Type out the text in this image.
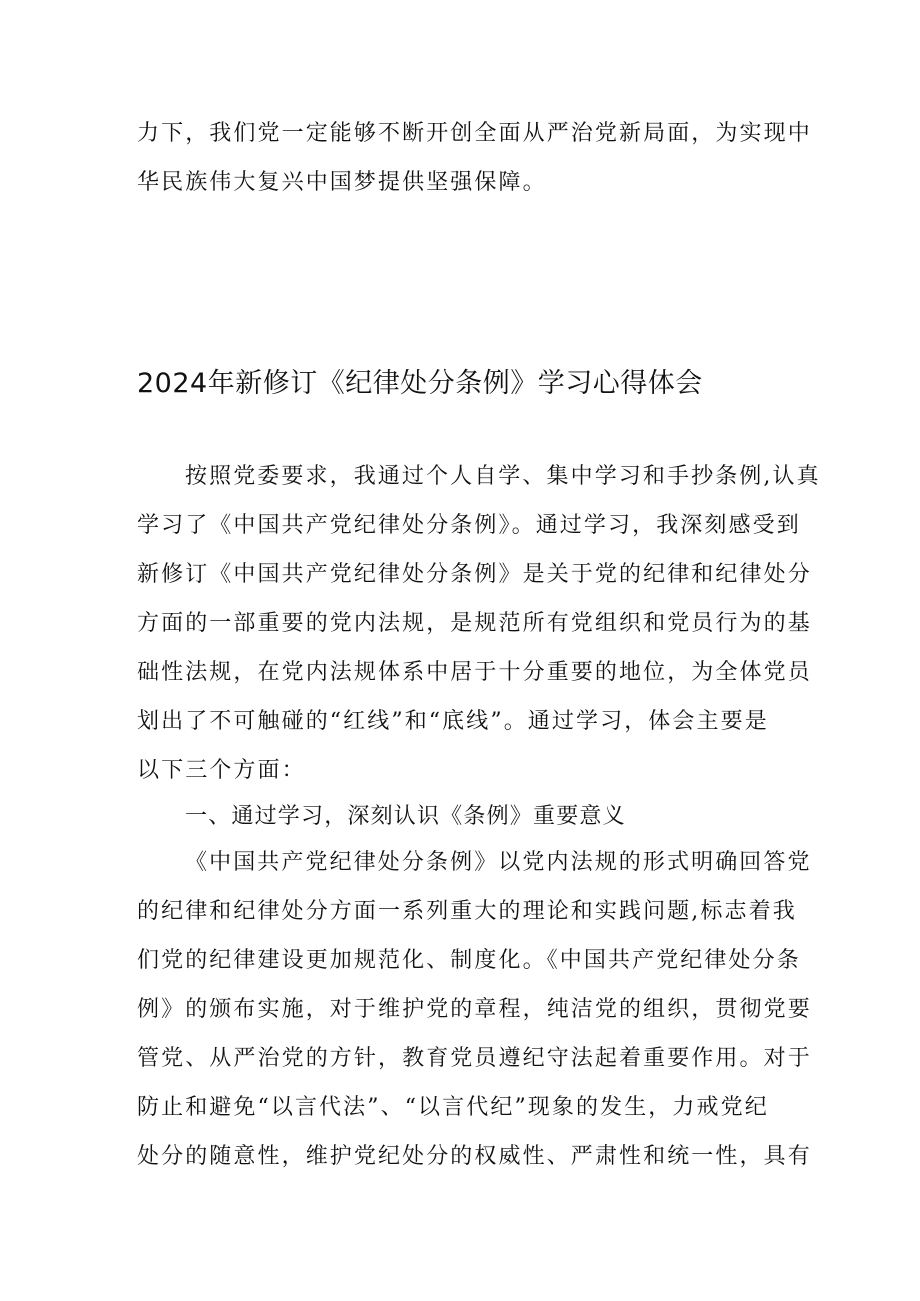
力下，我们党一定能够不断开创全面从严治党新局面，为实现中
华民族伟大复兴中国梦提供坚强保障。
2024年新修订《纪律处分条例》学习心得体会
按照党委要求，我通过个人自学、集中学习和手抄条例,认真
学习了《中国共产党纪律处分条例》。通过学习，我深刻感受到
新修订《中国共产党纪律处分条例》是关于党的纪律和纪律处分
方面的一部重要的党内法规，是规范所有党组织和党员行为的基
础性法规，在党内法规体系中居于十分重要的地位，为全体党员
划出了不可触碰的“红线”和“底线”。通过学习，体会主要是
以下三个方面：
一、通过学习，深刻认识《条例》重要意义
《中国共产党纪律处分条例》以党内法规的形式明确回答党
的纪律和纪律处分方面一系列重大的理论和实践问题,标志着我
们党的纪律建设更加规范化、制度化。《中国共产党纪律处分条
例》的颁布实施，对于维护党的章程，纯洁党的组织，贯彻党要
管党、从严治党的方针，教育党员遵纪守法起着重要作用。对于
防止和避免“以言代法”、“以言代纪”现象的发生，力戒党纪
处分的随意性，维护党纪处分的权威性、严肃性和统一性，具有
